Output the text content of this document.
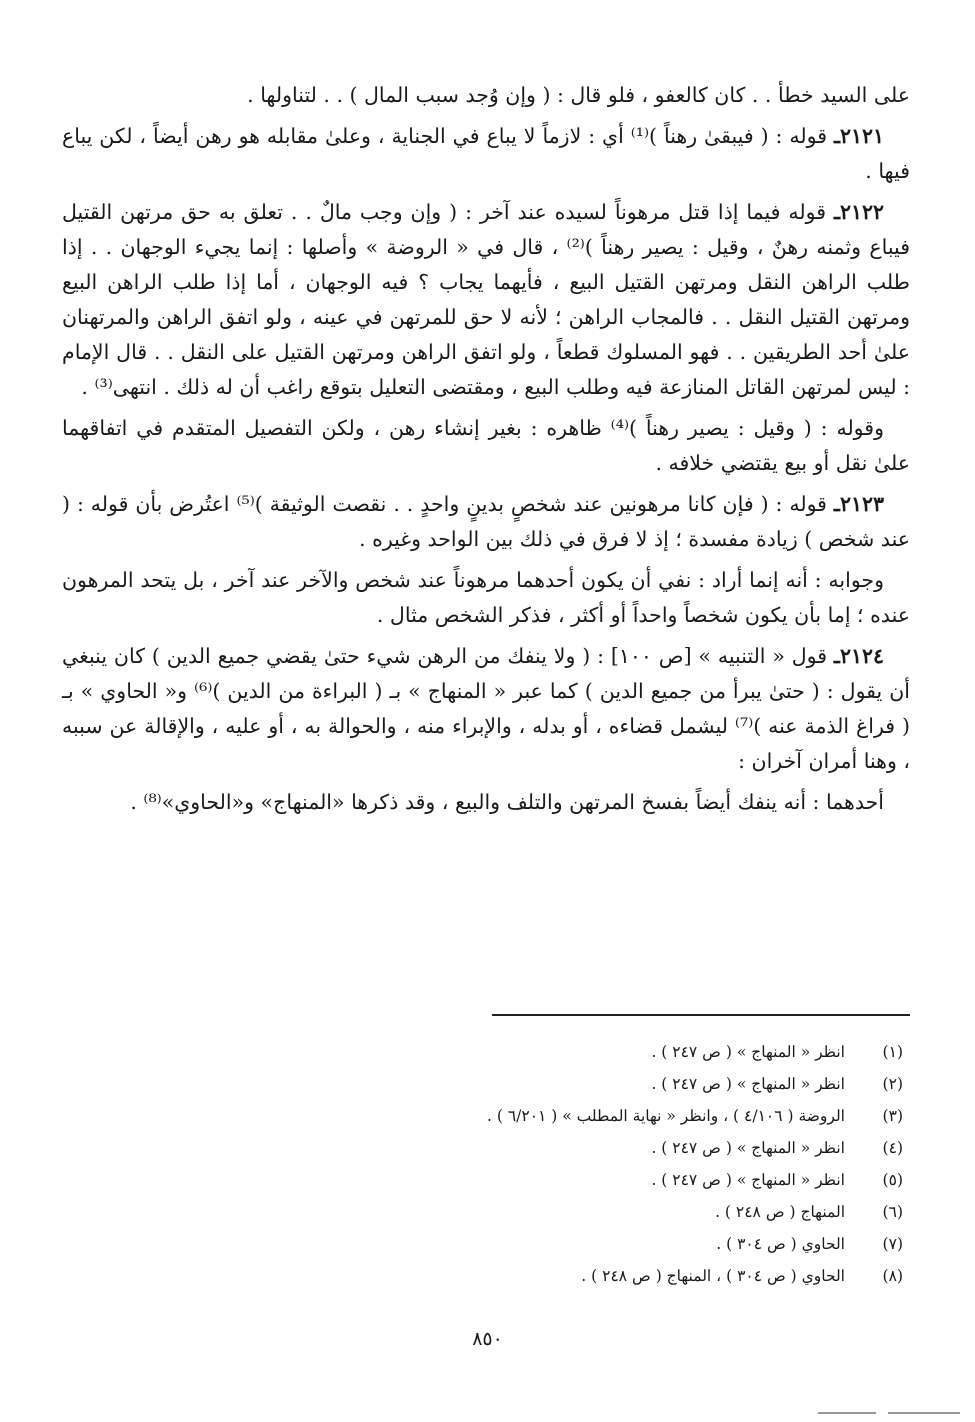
على السيد خطأ . . كان كالعفو ، فلو قال : ( وإن وُجد سبب المال ) . . لتناولها .

٢١٢١ـ قوله : ( فيبقىٰ رهناً )⁽¹⁾ أي : لازماً لا يباع في الجناية ، وعلىٰ مقابله هو رهن أيضاً ، لكن يباع فيها .

٢١٢٢ـ قوله فيما إذا قتل مرهوناً لسيده عند آخر : ( وإن وجب مالٌ . . تعلق به حق مرتهن القتيل فيباع وثمنه رهنٌ ، وقيل : يصير رهناً )⁽²⁾ ، قال في « الروضة » وأصلها : إنما يجيء الوجهان . . إذا طلب الراهن النقل ومرتهن القتيل البيع ، فأيهما يجاب ؟ فيه الوجهان ، أما إذا طلب الراهن البيع ومرتهن القتيل النقل . . فالمجاب الراهن ؛ لأنه لا حق للمرتهن في عينه ، ولو اتفق الراهن والمرتهنان علىٰ أحد الطريقين . . فهو المسلوك قطعاً ، ولو اتفق الراهن ومرتهن القتيل على النقل . . قال الإمام : ليس لمرتهن القاتل المنازعة فيه وطلب البيع ، ومقتضى التعليل بتوقع راغب أن له ذلك . انتهى⁽³⁾ .

وقوله : ( وقيل : يصير رهناً )⁽⁴⁾ ظاهره : بغير إنشاء رهن ، ولكن التفصيل المتقدم في اتفاقهما علىٰ نقل أو بيع يقتضي خلافه .

٢١٢٣ـ قوله : ( فإن كانا مرهونين عند شخصٍ بدينٍ واحدٍ . . نقصت الوثيقة )⁽⁵⁾ اعتُرض بأن قوله : ( عند شخص ) زيادة مفسدة ؛ إذ لا فرق في ذلك بين الواحد وغيره .

وجوابه : أنه إنما أراد : نفي أن يكون أحدهما مرهوناً عند شخص والآخر عند آخر ، بل يتحد المرهون عنده ؛ إما بأن يكون شخصاً واحداً أو أكثر ، فذكر الشخص مثال .

٢١٢٤ـ قول « التنبيه » [ص ١٠٠] : ( ولا ينفك من الرهن شيء حتىٰ يقضي جميع الدين ) كان ينبغي أن يقول : ( حتىٰ يبرأ من جميع الدين ) كما عبر « المنهاج » بـ ( البراءة من الدين )⁽⁶⁾ و« الحاوي » بـ ( فراغ الذمة عنه )⁽⁷⁾ ليشمل قضاءه ، أو بدله ، والإبراء منه ، والحوالة به ، أو عليه ، والإقالة عن سببه ، وهنا أمران آخران :

أحدهما : أنه ينفك أيضاً بفسخ المرتهن والتلف والبيع ، وقد ذكرها «المنهاج» و«الحاوي»⁽⁸⁾ .

(١)
انظر « المنهاج » ( ص ٢٤٧ ) .
(٢)
انظر « المنهاج » ( ص ٢٤٧ ) .
(٣)
الروضة ( ٤/١٠٦ ) ، وانظر « نهاية المطلب » ( ٦/٢٠١ ) .
(٤)
انظر « المنهاج » ( ص ٢٤٧ ) .
(٥)
انظر « المنهاج » ( ص ٢٤٧ ) .
(٦)
المنهاج ( ص ٢٤٨ ) .
(٧)
الحاوي ( ص ٣٠٤ ) .
(٨)
الحاوي ( ص ٣٠٤ ) ، المنهاج ( ص ٢٤٨ ) .
٨٥٠
